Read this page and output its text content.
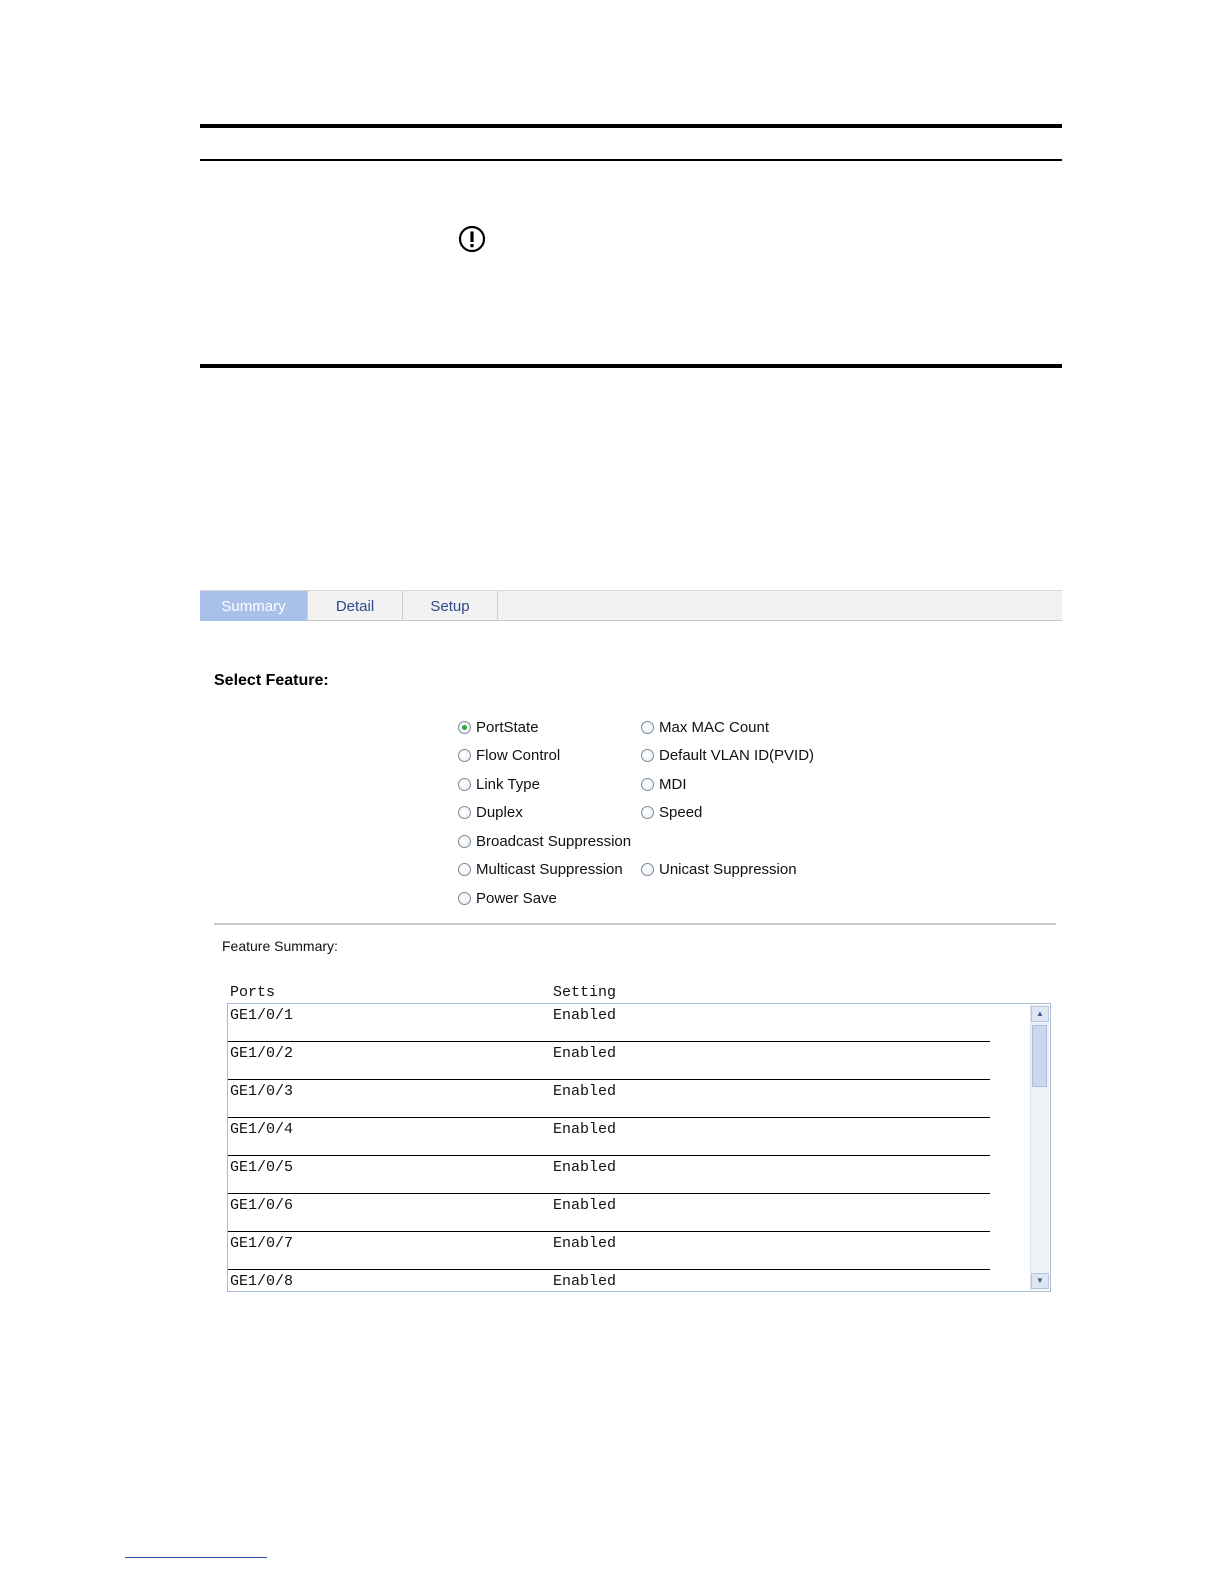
Summary	Detail	Setup
Select Feature:
PortState	Max MAC Count
Flow Control	Default VLAN ID(PVID)
Link Type	MDI
Duplex	Speed
Broadcast Suppression
Multicast Suppression Unicast Suppression
Power Save
Feature Summary:
Ports	Setting
GE1/0/1	Enabled
GE1/0/2	Enabled
GE1/0/3	Enabled
GE1/0/4	Enabled
GE1/0/5	Enabled
GE1/0/6	Enabled
GE1/0/7	Enabled
GE1/0/8	Enabled
▲
▼
